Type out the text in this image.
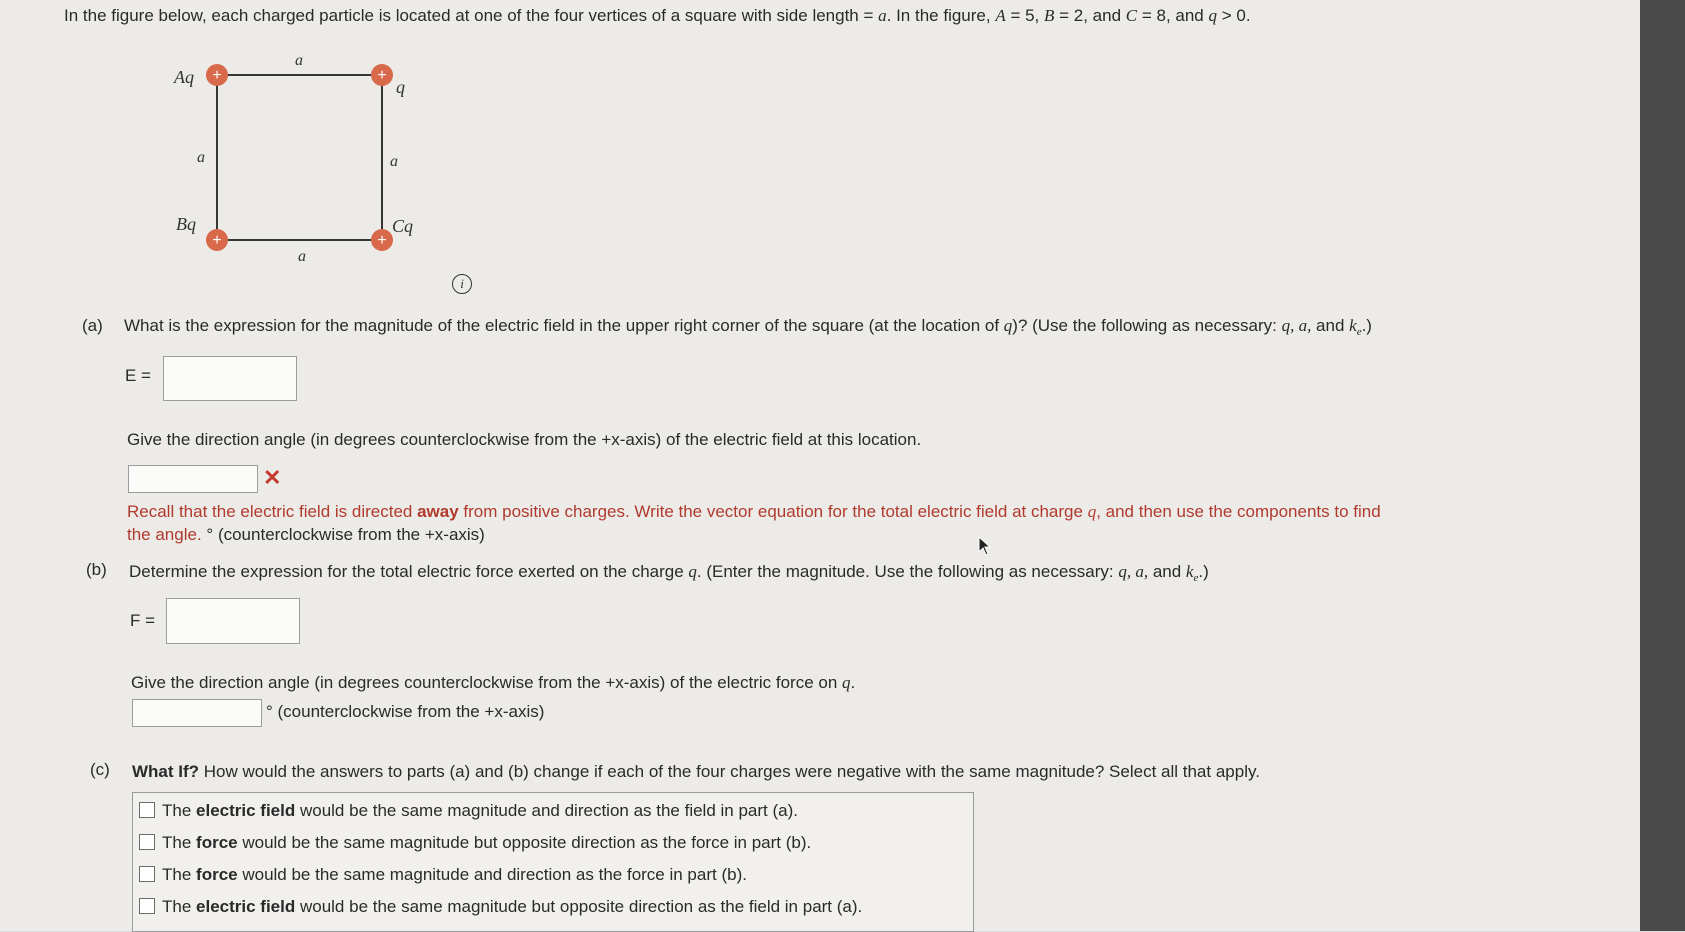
In the figure below, each charged particle is located at one of the four vertices of a square with side length = a. In the figure, A = 5, B = 2, and C = 8, and q > 0.
+	+
+	+
Aq	q
Bq	Cq
a
a	a
a
i
(a) What is the expression for the magnitude of the electric field in the upper right corner of the square (at the location of q)? (Use the following as necessary: q, a, and $k_e$.)
E =
Give the direction angle (in degrees counterclockwise from the +x-axis) of the electric field at this location.
✕
Recall that the electric field is directed away from positive charges. Write the vector equation for the total electric field at charge q, and then use the components to find
the angle. ° (counterclockwise from the +x-axis)
(b) Determine the expression for the total electric force exerted on the charge q. (Enter the magnitude. Use the following as necessary: q, a, and $k_e$.)
F =
Give the direction angle (in degrees counterclockwise from the +x-axis) of the electric force on q.
° (counterclockwise from the +x-axis)
(c) What If? How would the answers to parts (a) and (b) change if each of the four charges were negative with the same magnitude? Select all that apply.
The electric field would be the same magnitude and direction as the field in part (a).
The force would be the same magnitude but opposite direction as the force in part (b).
The force would be the same magnitude and direction as the force in part (b).
The electric field would be the same magnitude but opposite direction as the field in part (a).
